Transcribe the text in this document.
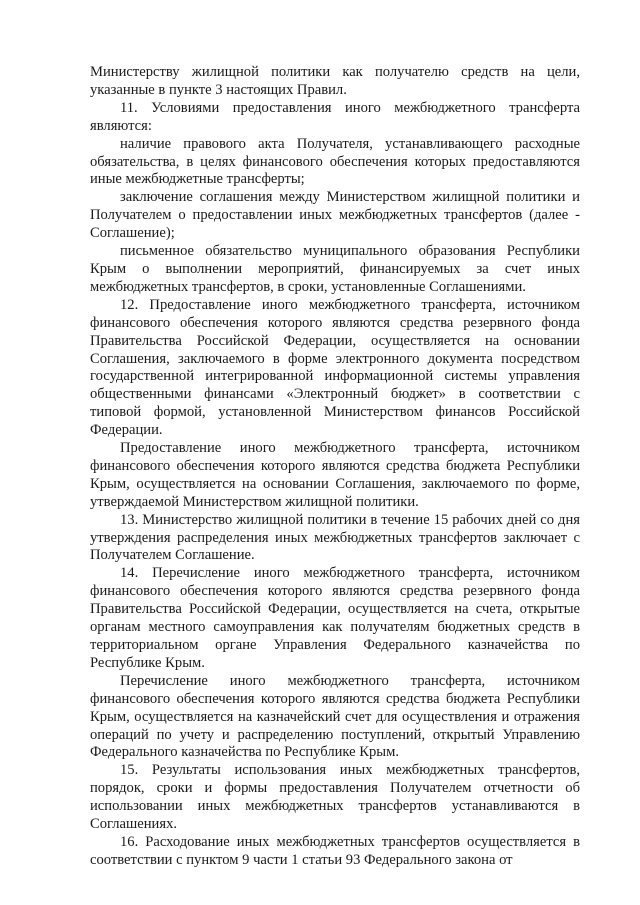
Министерству жилищной политики как получателю средств на цели, указанные в пункте 3 настоящих Правил.

11. Условиями предоставления иного межбюджетного трансферта являются:

наличие правового акта Получателя, устанавливающего расходные обязательства, в целях финансового обеспечения которых предоставляются иные межбюджетные трансферты;

заключение соглашения между Министерством жилищной политики и Получателем о предоставлении иных межбюджетных трансфертов (далее - Соглашение);

письменное обязательство муниципального образования Республики Крым о выполнении мероприятий, финансируемых за счет иных межбюджетных трансфертов, в сроки, установленные Соглашениями.

12. Предоставление иного межбюджетного трансферта, источником финансового обеспечения которого являются средства резервного фонда Правительства Российской Федерации, осуществляется на основании Соглашения, заключаемого в форме электронного документа посредством государственной интегрированной информационной системы управления общественными финансами «Электронный бюджет» в соответствии с типовой формой, установленной Министерством финансов Российской Федерации.

Предоставление иного межбюджетного трансферта, источником финансового обеспечения которого являются средства бюджета Республики Крым, осуществляется на основании Соглашения, заключаемого по форме, утверждаемой Министерством жилищной политики.

13. Министерство жилищной политики в течение 15 рабочих дней со дня утверждения распределения иных межбюджетных трансфертов заключает с Получателем Соглашение.

14. Перечисление иного межбюджетного трансферта, источником финансового обеспечения которого являются средства резервного фонда Правительства Российской Федерации, осуществляется на счета, открытые органам местного самоуправления как получателям бюджетных средств в территориальном органе Управления Федерального казначейства по Республике Крым.

Перечисление иного межбюджетного трансферта, источником финансового обеспечения которого являются средства бюджета Республики Крым, осуществляется на казначейский счет для осуществления и отражения операций по учету и распределению поступлений, открытый Управлению Федерального казначейства по Республике Крым.

15. Результаты использования иных межбюджетных трансфертов, порядок, сроки и формы предоставления Получателем отчетности об использовании иных межбюджетных трансфертов устанавливаются в Соглашениях.

16. Расходование иных межбюджетных трансфертов осуществляется в соответствии с пунктом 9 части 1 статьи 93 Федерального закона от
